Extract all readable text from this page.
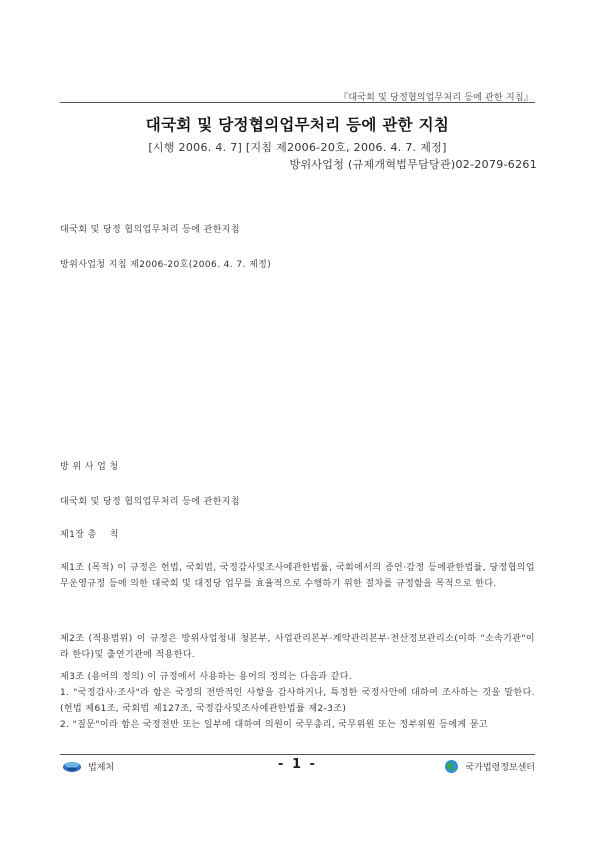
『대국회 및 당정협의업무처리 등에 관한 지침』
대국회 및 당정협의업무처리 등에 관한 지침
[시행 2006. 4. 7] [지침 제2006-20호, 2006. 4. 7. 제정]
방위사업청 (규제개혁법무담당관)02-2079-6261
대국회 및 당정 협의업무처리 등에 관한지침
방위사업청 지침 제2006-20호(2006. 4. 7. 제정)
방 위 사 업 청
대국회 및 당정 협의업무처리 등에 관한지침
제1장 총    칙
제1조 (목적) 이 규정은 헌법, 국회법, 국정감사및조사에관한법률, 국회에서의 증언·감정 등에관한법률, 당정협의업무운영규정 등에 의한 대국회 및 대정당 업무를 효율적으로 수행하기 위한 절차를 규정함을 목적으로 한다.
제2조 (적용범위) 이 규정은 방위사업청내 청본부, 사업관리본부·계약관리본부·전산정보관리소(이하 "소속기관"이라 한다)및 출연기관에 적용한다.
제3조 (용어의 정의) 이 규정에서 사용하는 용어의 정의는 다음과 같다.
1. "국정감사·조사"라 함은 국정의 전반적인 사항을 감사하거나, 특정한 국정사안에 대하여 조사하는 것을 말한다.(헌법 제61조, 국회법 제127조, 국정감사및조사에관한법률 제2-3조)
2. "질문"이라 함은 국정전반 또는 일부에 대하여 의원이 국무총리, 국무위원 또는 정부위원 등에게 묻고
법제처	- 1 -	국가법령정보센터
